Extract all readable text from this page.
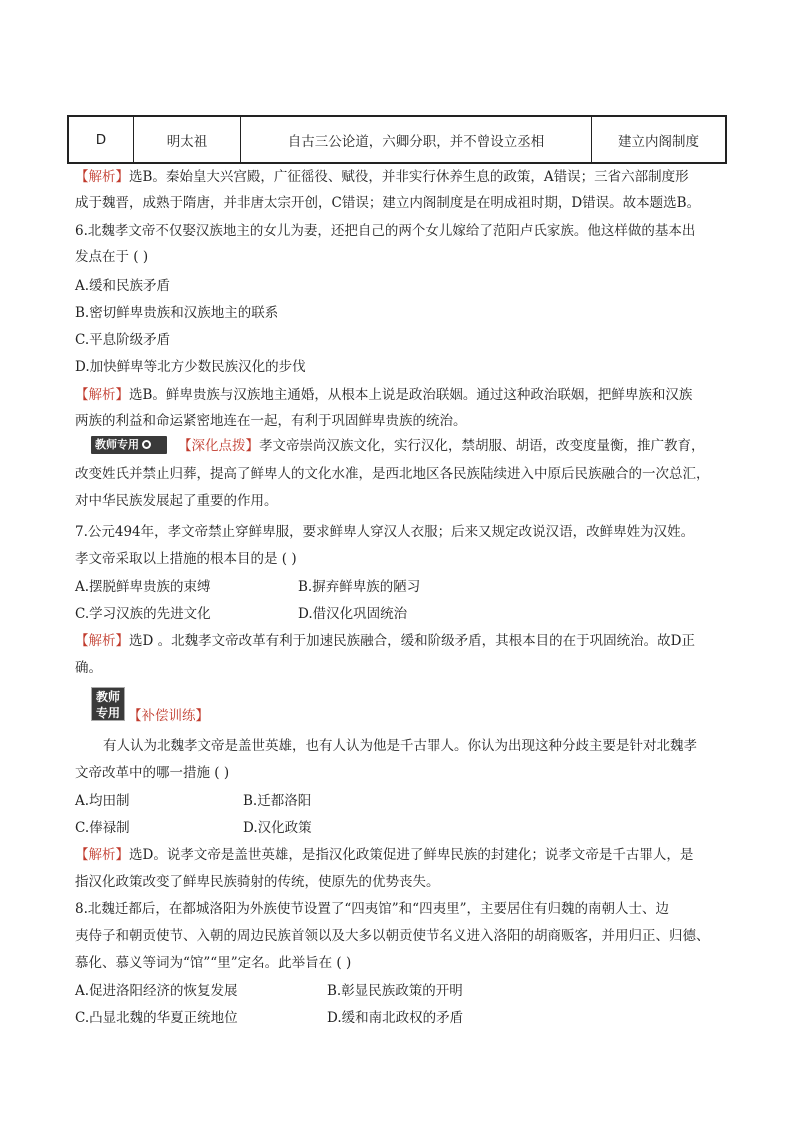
D	明太祖	自古三公论道，六卿分职，并不曾设立丞相	建立内阁制度
【解析】选B。秦始皇大兴宫殿，广征徭役、赋役，并非实行休养生息的政策，A错误；三省六部制度形
成于魏晋，成熟于隋唐，并非唐太宗开创，C错误；建立内阁制度是在明成祖时期，D错误。故本题选B。
6.北魏孝文帝不仅娶汉族地主的女儿为妻，还把自己的两个女儿嫁给了范阳卢氏家族。他这样做的基本出
发点在于 ( )
A.缓和民族矛盾
B.密切鲜卑贵族和汉族地主的联系
C.平息阶级矛盾
D.加快鲜卑等北方少数民族汉化的步伐
【解析】选B。鲜卑贵族与汉族地主通婚，从根本上说是政治联姻。通过这种政治联姻，把鲜卑族和汉族
两族的利益和命运紧密地连在一起，有利于巩固鲜卑贵族的统治。
教师专用	【深化点拨】孝文帝崇尚汉族文化，实行汉化，禁胡服、胡语，改变度量衡，推广教育，
改变姓氏并禁止归葬，提高了鲜卑人的文化水准，是西北地区各民族陆续进入中原后民族融合的一次总汇，
对中华民族发展起了重要的作用。
7.公元494年，孝文帝禁止穿鲜卑服，要求鲜卑人穿汉人衣服；后来又规定改说汉语，改鲜卑姓为汉姓。
孝文帝采取以上措施的根本目的是 ( )
A.摆脱鲜卑贵族的束缚	B.摒弃鲜卑族的陋习
C.学习汉族的先进文化	D.借汉化巩固统治
【解析】选D 。北魏孝文帝改革有利于加速民族融合，缓和阶级矛盾，其根本目的在于巩固统治。故D正
确。
教师
专用 【补偿训练】
有人认为北魏孝文帝是盖世英雄，也有人认为他是千古罪人。你认为出现这种分歧主要是针对北魏孝
文帝改革中的哪一措施 ( )
A.均田制	B.迁都洛阳
C.俸禄制	D.汉化政策
【解析】选D。说孝文帝是盖世英雄，是指汉化政策促进了鲜卑民族的封建化；说孝文帝是千古罪人，是
指汉化政策改变了鲜卑民族骑射的传统，使原先的优势丧失。
8.北魏迁都后，在都城洛阳为外族使节设置了“四夷馆”和“四夷里”，主要居住有归魏的南朝人士、边
夷侍子和朝贡使节、入朝的周边民族首领以及大多以朝贡使节名义进入洛阳的胡商贩客，并用归正、归德、
慕化、慕义等词为“馆”“里”定名。此举旨在 ( )
A.促进洛阳经济的恢复发展	B.彰显民族政策的开明
C.凸显北魏的华夏正统地位	D.缓和南北政权的矛盾
